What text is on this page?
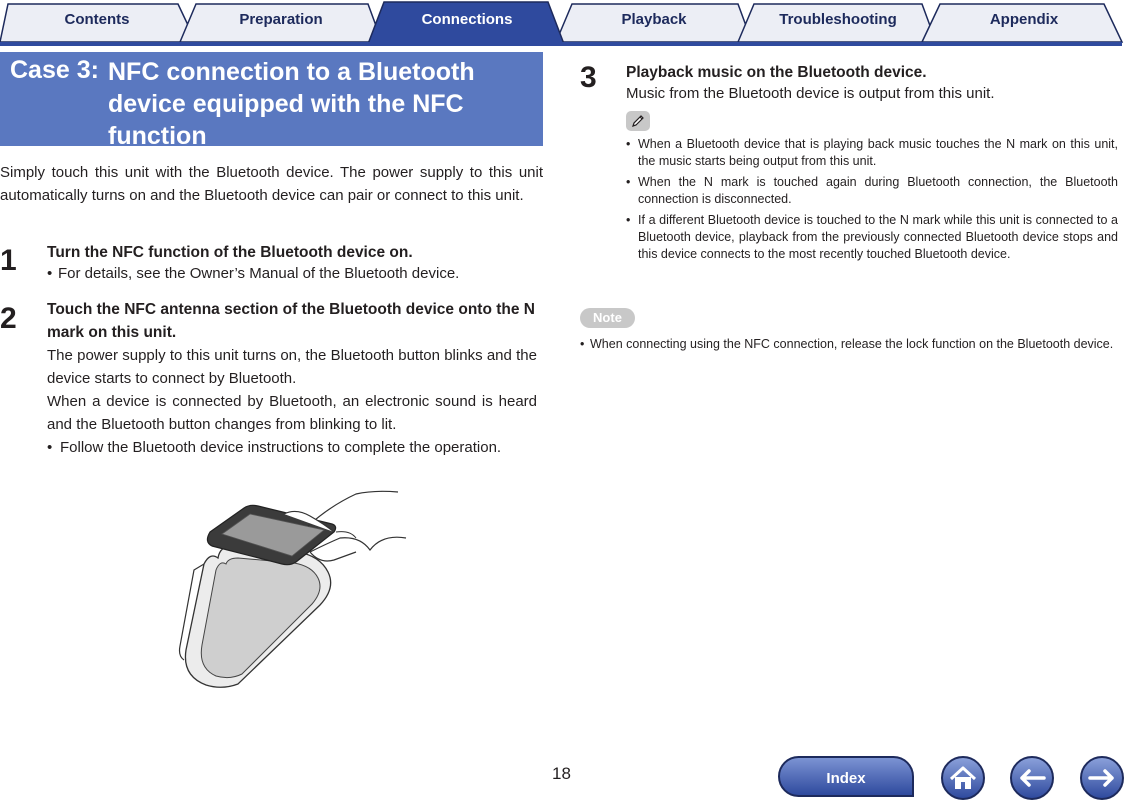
Contents	Preparation	Connections	Playback	Troubleshooting	Appendix
Case 3: NFC connection to a Bluetooth device equipped with the NFC function
Simply touch this unit with the Bluetooth device. The power supply to this unit automatically turns on and the Bluetooth device can pair or connect to this unit.
1 Turn the NFC function of the Bluetooth device on.
• For details, see the Owner’s Manual of the Bluetooth device.
2 Touch the NFC antenna section of the Bluetooth device onto the N mark on this unit.
The power supply to this unit turns on, the Bluetooth button blinks and the device starts to connect by Bluetooth.
When a device is connected by Bluetooth, an electronic sound is heard and the Bluetooth button changes from blinking to lit.
• Follow the Bluetooth device instructions to complete the operation.
3 Playback music on the Bluetooth device.
Music from the Bluetooth device is output from this unit.
• When a Bluetooth device that is playing back music touches the N mark on this unit, the music starts being output from this unit.
• When the N mark is touched again during Bluetooth connection, the Bluetooth connection is disconnected.
• If a different Bluetooth device is touched to the N mark while this unit is connected to a Bluetooth device, playback from the previously connected Bluetooth device stops and this device connects to the most recently touched Bluetooth device.
Note
• When connecting using the NFC connection, release the lock function on the Bluetooth device.
18	Index
